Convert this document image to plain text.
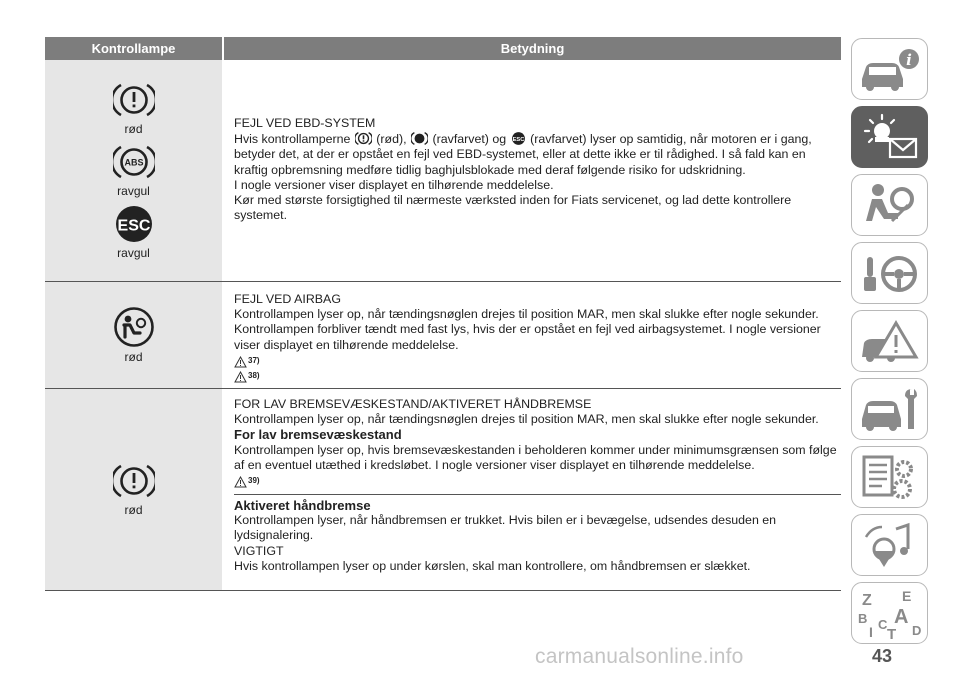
Kontrollampe	Betydning
rød
ABS
ravgul
ESC
ravgul

FEJL VED EBD-SYSTEM

Hvis kontrollamperne (rød), (ravfarvet) og ESC (ravfarvet) lyser op samtidig, når motoren er i gang, betyder det, at der er opstået en fejl ved EBD-systemet, eller at dette ikke er til rådighed. I så fald kan en kraftig opbremsning medføre tidlig baghjulsblokade med deraf følgende risiko for udskridning.

I nogle versioner viser displayet en tilhørende meddelelse.

Kør med største forsigtighed til nærmeste værksted inden for Fiats servicenet, og lad dette kontrollere systemet.

rød

FEJL VED AIRBAG

Kontrollampen lyser op, når tændingsnøglen drejes til position MAR, men skal slukke efter nogle sekunder. Kontrollampen forbliver tændt med fast lys, hvis der er opstået en fejl ved airbagsystemet. I nogle versioner viser displayet en tilhørende meddelelse.

37)
38)
rød

FOR LAV BREMSEVÆSKESTAND/AKTIVERET HÅNDBREMSE

Kontrollampen lyser op, når tændingsnøglen drejes til position MAR, men skal slukke efter nogle sekunder.

For lav bremsevæskestand

Kontrollampen lyser op, hvis bremsevæskestanden i beholderen kommer under minimumsgrænsen som følge af en eventuel utæthed i kredsløbet. I nogle versioner viser displayet en tilhørende meddelelse.

39)

Aktiveret håndbremse

Kontrollampen lyser, når håndbremsen er trukket. Hvis bilen er i bevægelse, udsendes desuden en lydsignalering.

VIGTIGT

Hvis kontrollampen lyser op under kørslen, skal man kontrollere, om håndbremsen er slækket.

i
Z E
B A
I C
T D
43
carmanualsonline.info
